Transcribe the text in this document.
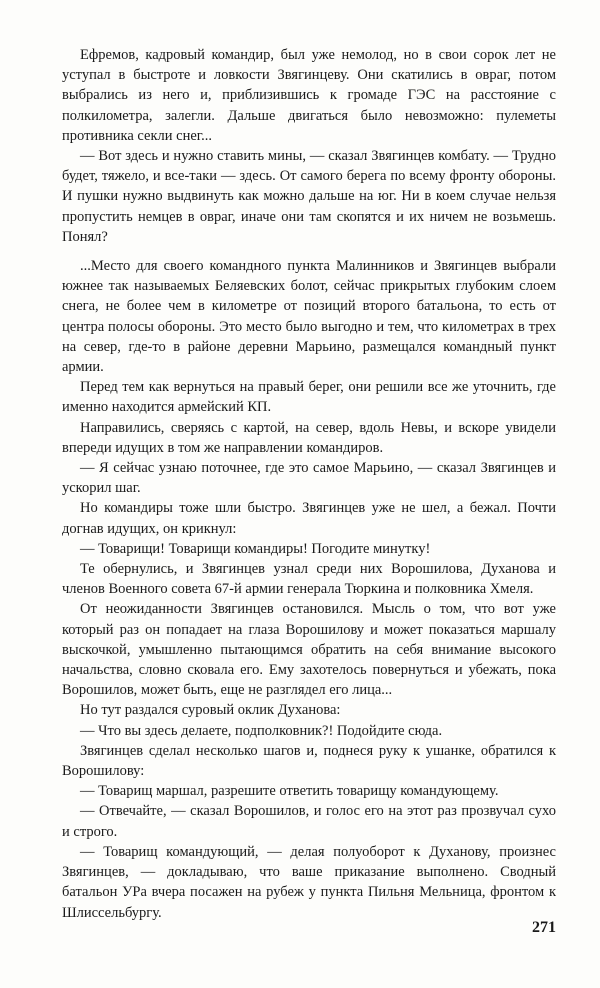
Ефремов, кадровый командир, был уже немолод, но в свои сорок лет не уступал в быстроте и ловкости Звягинцеву. Они скатились в овраг, потом выбрались из него и, приблизившись к громаде ГЭС на расстояние с полкилометра, залегли. Дальше двигаться было невозможно: пулеметы противника секли снег...

— Вот здесь и нужно ставить мины, — сказал Звягинцев комбату. — Трудно будет, тяжело, и все-таки — здесь. От самого берега по всему фронту обороны. И пушки нужно выдвинуть как можно дальше на юг. Ни в коем случае нельзя пропустить немцев в овраг, иначе они там скопятся и их ничем не возьмешь. Понял?

...Место для своего командного пункта Малинников и Звягинцев выбрали южнее так называемых Беляевских болот, сейчас прикрытых глубоким слоем снега, не более чем в километре от позиций второго батальона, то есть от центра полосы обороны. Это место было выгодно и тем, что километрах в трех на север, где-то в районе деревни Марьино, размещался командный пункт армии.

Перед тем как вернуться на правый берег, они решили все же уточнить, где именно находится армейский КП.

Направились, сверяясь с картой, на север, вдоль Невы, и вскоре увидели впереди идущих в том же направлении командиров.

— Я сейчас узнаю поточнее, где это самое Марьино, — сказал Звягинцев и ускорил шаг.

Но командиры тоже шли быстро. Звягинцев уже не шел, а бежал. Почти догнав идущих, он крикнул:

— Товарищи! Товарищи командиры! Погодите минутку!

Те обернулись, и Звягинцев узнал среди них Ворошилова, Духанова и членов Военного совета 67-й армии генерала Тюркина и полковника Хмеля.

От неожиданности Звягинцев остановился. Мысль о том, что вот уже который раз он попадает на глаза Ворошилову и может показаться маршалу выскочкой, умышленно пытающимся обратить на себя внимание высокого начальства, словно сковала его. Ему захотелось повернуться и убежать, пока Ворошилов, может быть, еще не разглядел его лица...

Но тут раздался суровый оклик Духанова:

— Что вы здесь делаете, подполковник?! Подойдите сюда.

Звягинцев сделал несколько шагов и, поднеся руку к ушанке, обратился к Ворошилову:

— Товарищ маршал, разрешите ответить товарищу командующему.

— Отвечайте, — сказал Ворошилов, и голос его на этот раз прозвучал сухо и строго.

— Товарищ командующий, — делая полуоборот к Духанову, произнес Звягинцев, — докладываю, что ваше приказание выполнено. Сводный батальон УРа вчера посажен на рубеж у пункта Пильня Мельница, фронтом к Шлиссельбургу.

271
